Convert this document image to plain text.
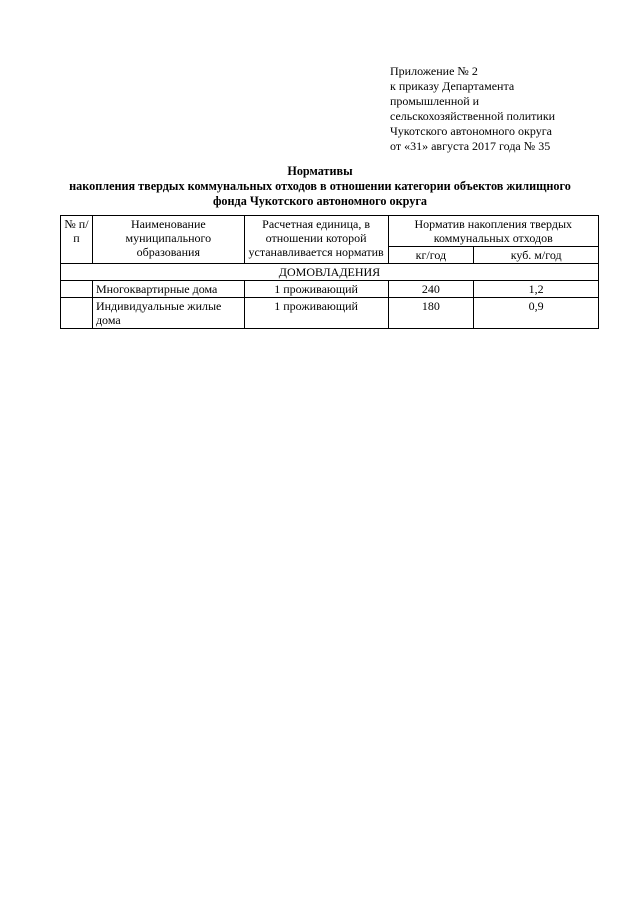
Приложение № 2
к приказу Департамента
промышленной и
сельскохозяйственной политики
Чукотского автономного округа
от «31» августа 2017 года № 35
Нормативы
накопления твердых коммунальных отходов в отношении категории объектов жилищного
фонда Чукотского автономного округа
№ п/п	Наименование муниципального образования	Расчетная единица, в отношении которой устанавливается норматив	Норматив накопления твердых коммунальных отходов	
			кг/год	куб. м/год
ДОМОВЛАДЕНИЯ				
	Многоквартирные дома	1 проживающий	240	1,2
	Индивидуальные жилые дома	1 проживающий	180	0,9
